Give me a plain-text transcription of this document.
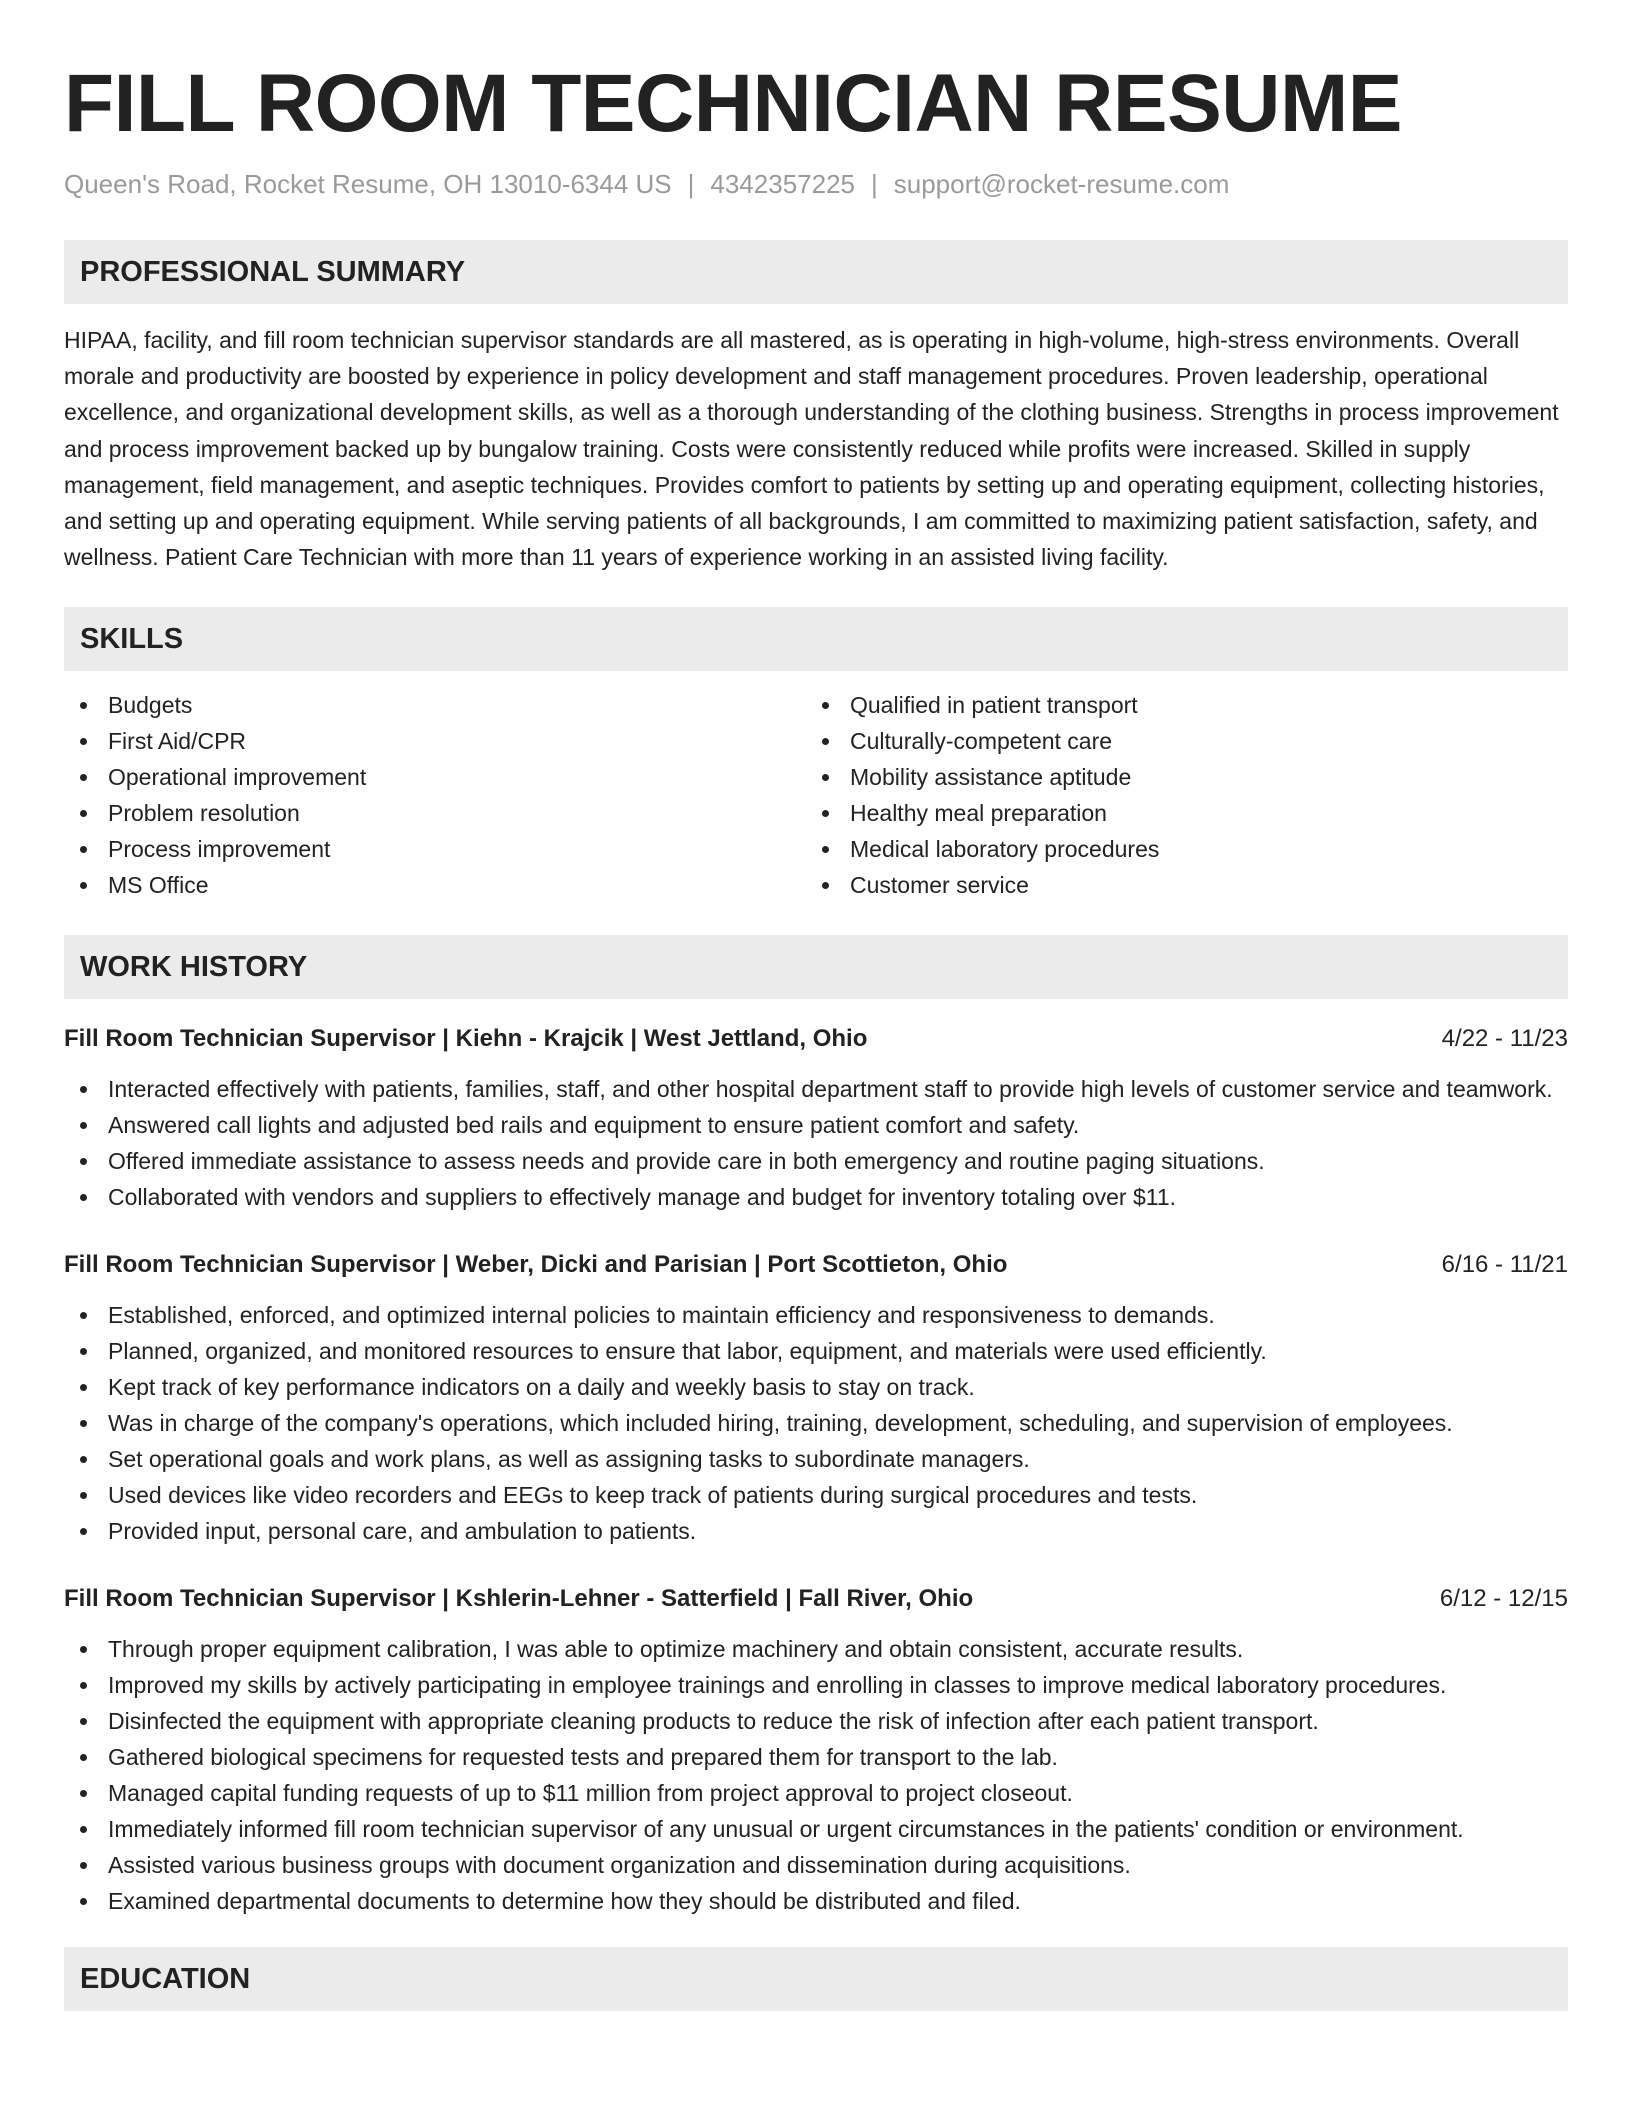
FILL ROOM TECHNICIAN RESUME
Queen's Road, Rocket Resume, OH 13010-6344 US | 4342357225 | support@rocket-resume.com
PROFESSIONAL SUMMARY

HIPAA, facility, and fill room technician supervisor standards are all mastered, as is operating in high-volume, high-stress environments. Overall morale and productivity are boosted by experience in policy development and staff management procedures. Proven leadership, operational excellence, and organizational development skills, as well as a thorough understanding of the clothing business. Strengths in process improvement and process improvement backed up by bungalow training. Costs were consistently reduced while profits were increased. Skilled in supply management, field management, and aseptic techniques. Provides comfort to patients by setting up and operating equipment, collecting histories, and setting up and operating equipment. While serving patients of all backgrounds, I am committed to maximizing patient satisfaction, safety, and wellness. Patient Care Technician with more than 11 years of experience working in an assisted living facility.

SKILLS
Budgets
First Aid/CPR
Operational improvement
Problem resolution
Process improvement
MS Office
Qualified in patient transport
Culturally-competent care
Mobility assistance aptitude
Healthy meal preparation
Medical laboratory procedures
Customer service
WORK HISTORY
Fill Room Technician Supervisor | Kiehn - Krajcik | West Jettland, Ohio	4/22 - 11/23
Interacted effectively with patients, families, staff, and other hospital department staff to provide high levels of customer service and teamwork.
Answered call lights and adjusted bed rails and equipment to ensure patient comfort and safety.
Offered immediate assistance to assess needs and provide care in both emergency and routine paging situations.
Collaborated with vendors and suppliers to effectively manage and budget for inventory totaling over $11.
Fill Room Technician Supervisor | Weber, Dicki and Parisian | Port Scottieton, Ohio	6/16 - 11/21
Established, enforced, and optimized internal policies to maintain efficiency and responsiveness to demands.
Planned, organized, and monitored resources to ensure that labor, equipment, and materials were used efficiently.
Kept track of key performance indicators on a daily and weekly basis to stay on track.
Was in charge of the company's operations, which included hiring, training, development, scheduling, and supervision of employees.
Set operational goals and work plans, as well as assigning tasks to subordinate managers.
Used devices like video recorders and EEGs to keep track of patients during surgical procedures and tests.
Provided input, personal care, and ambulation to patients.
Fill Room Technician Supervisor | Kshlerin-Lehner - Satterfield | Fall River, Ohio	6/12 - 12/15
Through proper equipment calibration, I was able to optimize machinery and obtain consistent, accurate results.
Improved my skills by actively participating in employee trainings and enrolling in classes to improve medical laboratory procedures.
Disinfected the equipment with appropriate cleaning products to reduce the risk of infection after each patient transport.
Gathered biological specimens for requested tests and prepared them for transport to the lab.
Managed capital funding requests of up to $11 million from project approval to project closeout.
Immediately informed fill room technician supervisor of any unusual or urgent circumstances in the patients' condition or environment.
Assisted various business groups with document organization and dissemination during acquisitions.
Examined departmental documents to determine how they should be distributed and filed.
EDUCATION
